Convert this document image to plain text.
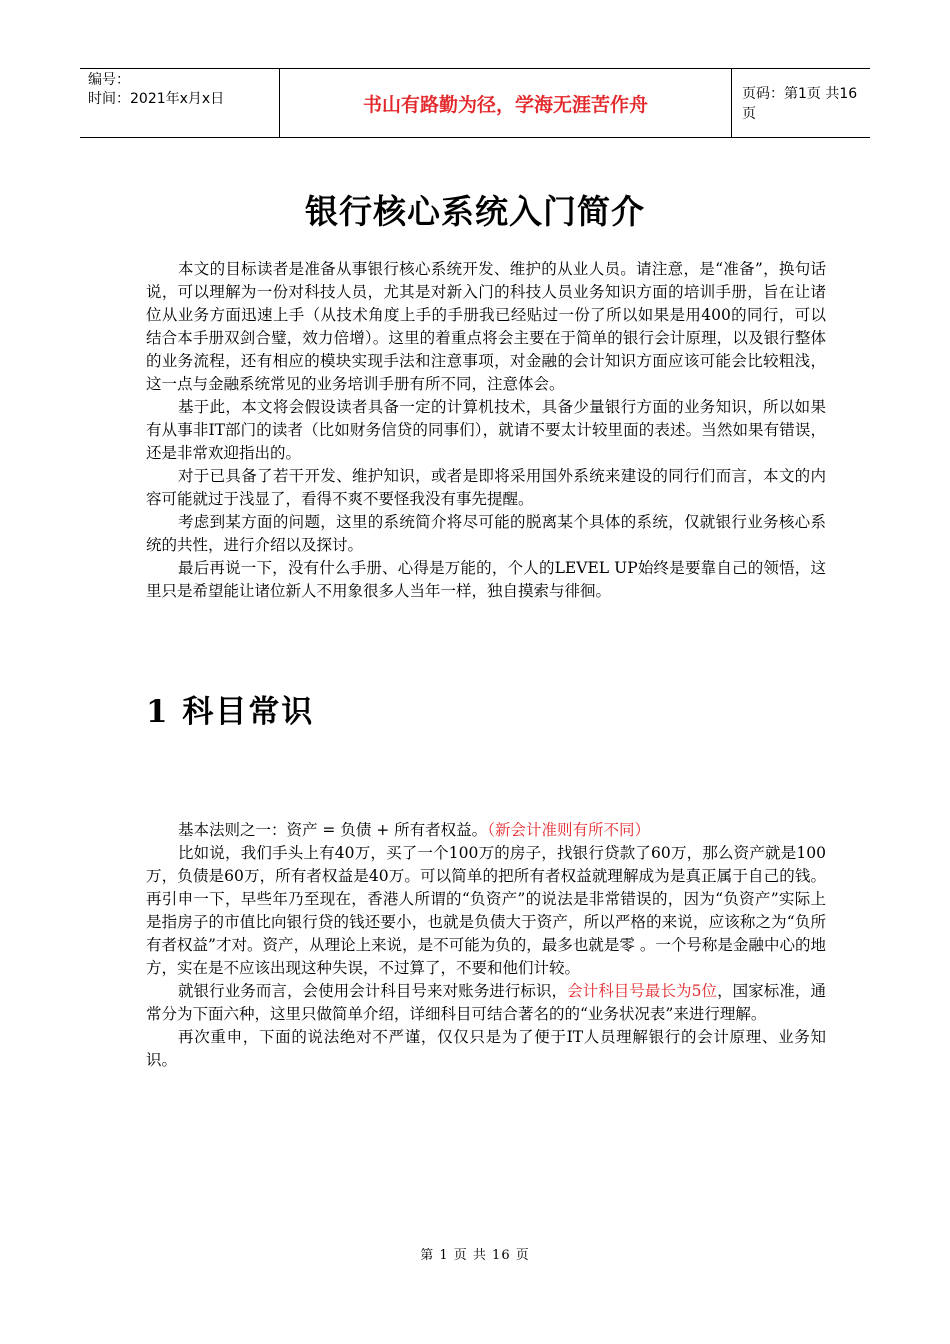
编号：
时间：2021年x月x日	书山有路勤为径，学海无涯苦作舟	页码：第1页 共16页
银行核心系统入门简介

本文的目标读者是准备从事银行核心系统开发、维护的从业人员。请注意，是“准备”，换句话说，可以理解为一份对科技人员，尤其是对新入门的科技人员业务知识方面的培训手册，旨在让诸位从业务方面迅速上手（从技术角度上手的手册我已经贴过一份了所以如果是用400的同行，可以结合本手册双剑合璧，效力倍增）。这里的着重点将会主要在于简单的银行会计原理，以及银行整体的业务流程，还有相应的模块实现手法和注意事项，对金融的会计知识方面应该可能会比较粗浅，这一点与金融系统常见的业务培训手册有所不同，注意体会。

基于此，本文将会假设读者具备一定的计算机技术，具备少量银行方面的业务知识，所以如果有从事非IT部门的读者（比如财务信贷的同事们），就请不要太计较里面的表述。当然如果有错误，还是非常欢迎指出的。

对于已具备了若干开发、维护知识，或者是即将采用国外系统来建设的同行们而言，本文的内容可能就过于浅显了，看得不爽不要怪我没有事先提醒。

考虑到某方面的问题，这里的系统简介将尽可能的脱离某个具体的系统，仅就银行业务核心系统的共性，进行介绍以及探讨。

最后再说一下，没有什么手册、心得是万能的，个人的LEVEL UP始终是要靠自己的领悟，这里只是希望能让诸位新人不用象很多人当年一样，独自摸索与徘徊。

1 科目常识

基本法则之一：资产 = 负债 + 所有者权益。（新会计准则有所不同）

比如说，我们手头上有40万，买了一个100万的房子，找银行贷款了60万，那么资产就是100万，负债是60万，所有者权益是40万。可以简单的把所有者权益就理解成为是真正属于自己的钱。再引申一下，早些年乃至现在，香港人所谓的“负资产”的说法是非常错误的，因为“负资产”实际上是指房子的市值比向银行贷的钱还要小，也就是负债大于资产，所以严格的来说，应该称之为“负所有者权益”才对。资产，从理论上来说，是不可能为负的，最多也就是零 。一个号称是金融中心的地方，实在是不应该出现这种失误，不过算了，不要和他们计较。

就银行业务而言，会使用会计科目号来对账务进行标识，会计科目号最长为5位，国家标准，通常分为下面六种，这里只做简单介绍，详细科目可结合著名的的“业务状况表”来进行理解。

再次重申，下面的说法绝对不严谨，仅仅只是为了便于IT人员理解银行的会计原理、业务知识。

第 1 页 共 16 页
